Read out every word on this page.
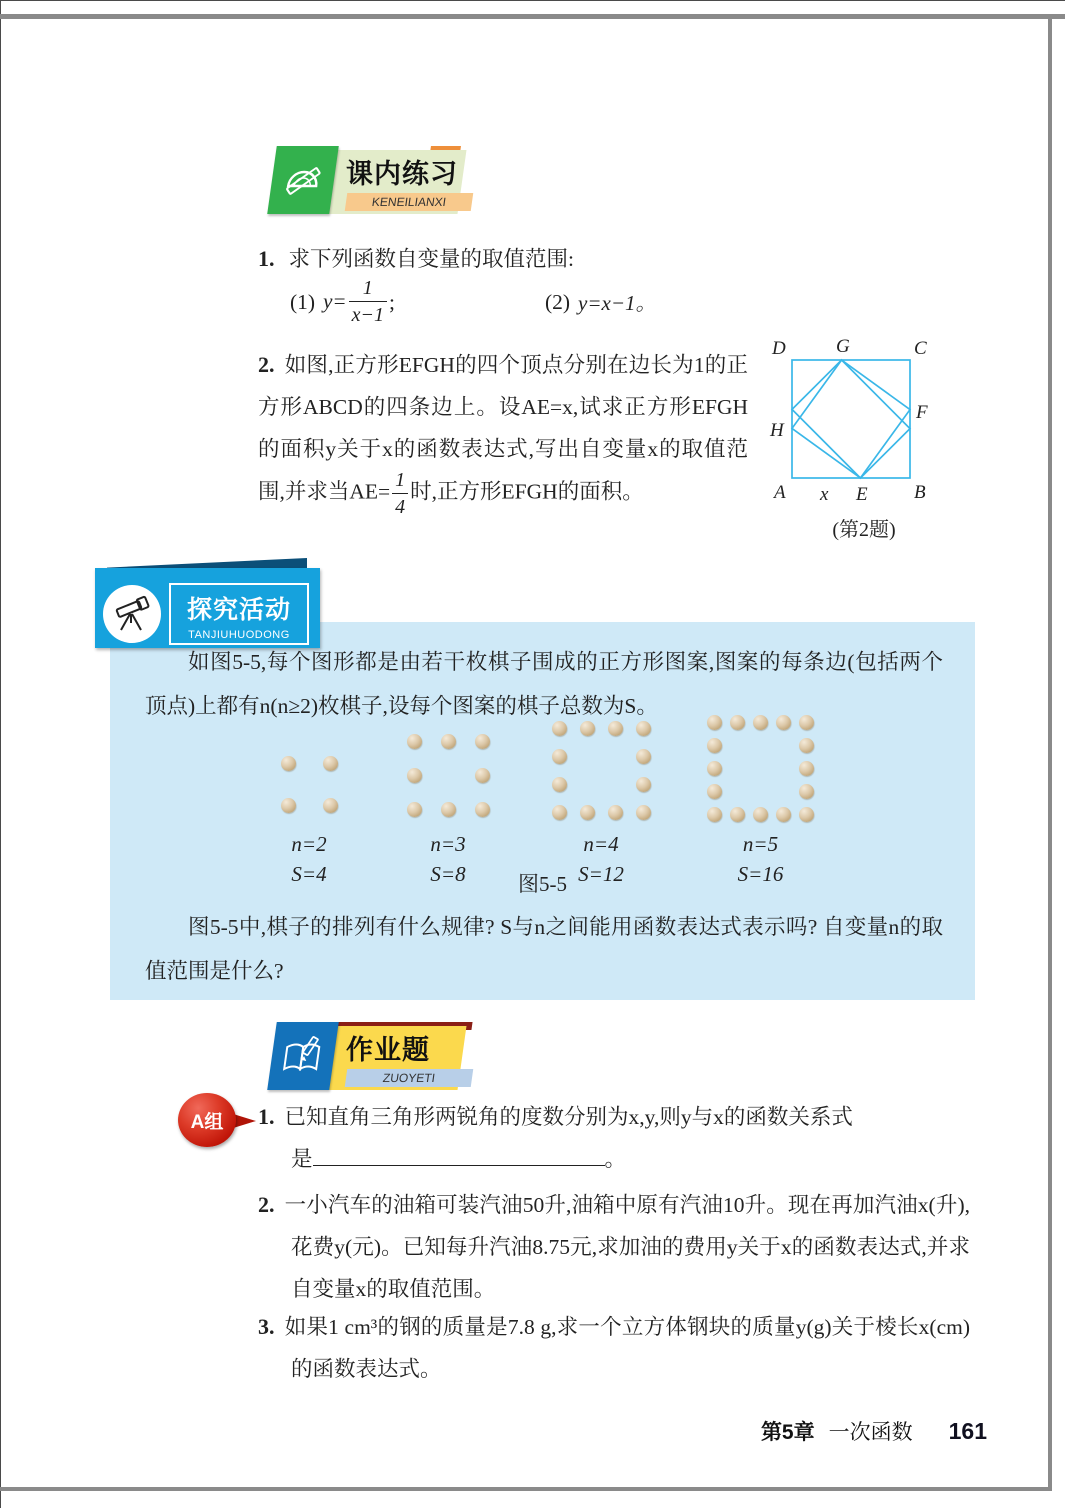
课内练习
KENEILIANXI
1. 求下列函数自变量的取值范围:
(1) $y= \frac{1}{x-1}$ ;	(2) y=x−1。
2. 如图,正方形EFGH的四个顶点分别在边长为1的正方形ABCD的四条边上。设AE=x,试求正方形EFGH的面积y关于x的函数表达式,写出自变量x的取值范围,并求当$AE= \frac{1}{4}$ 时,正方形EFGH的面积。
D	G	C
H
F
A x E B
(第2题)
探究活动
TANJIUHUODONG
如图5-5,每个图形都是由若干枚棋子围成的正方形图案,图案的每条边(包括两个顶点)上都有n(n≥2)枚棋子,设每个图案的棋子总数为S。
n=2
S=4
n=3
S=8
n=4
S=12
n=5
S=16
图5-5
图5-5中,棋子的排列有什么规律? S与n之间能用函数表达式表示吗? 自变量n的取值范围是什么?
作业题
ZUOYETI
A组 1. 已知直角三角形两锐角的度数分别为x,y,则y与x的函数关系式
是	。
2. 一小汽车的油箱可装汽油50升,油箱中原有汽油10升。现在再加汽油x(升),花费y(元)。已知每升汽油8.75元,求加油的费用y关于x的函数表达式,并求自变量x的取值范围。
3. 如果1 cm³的钢的质量是7.8 g,求一个立方体钢块的质量y(g)关于棱长x(cm)的函数表达式。
第5章 一次函数 161
